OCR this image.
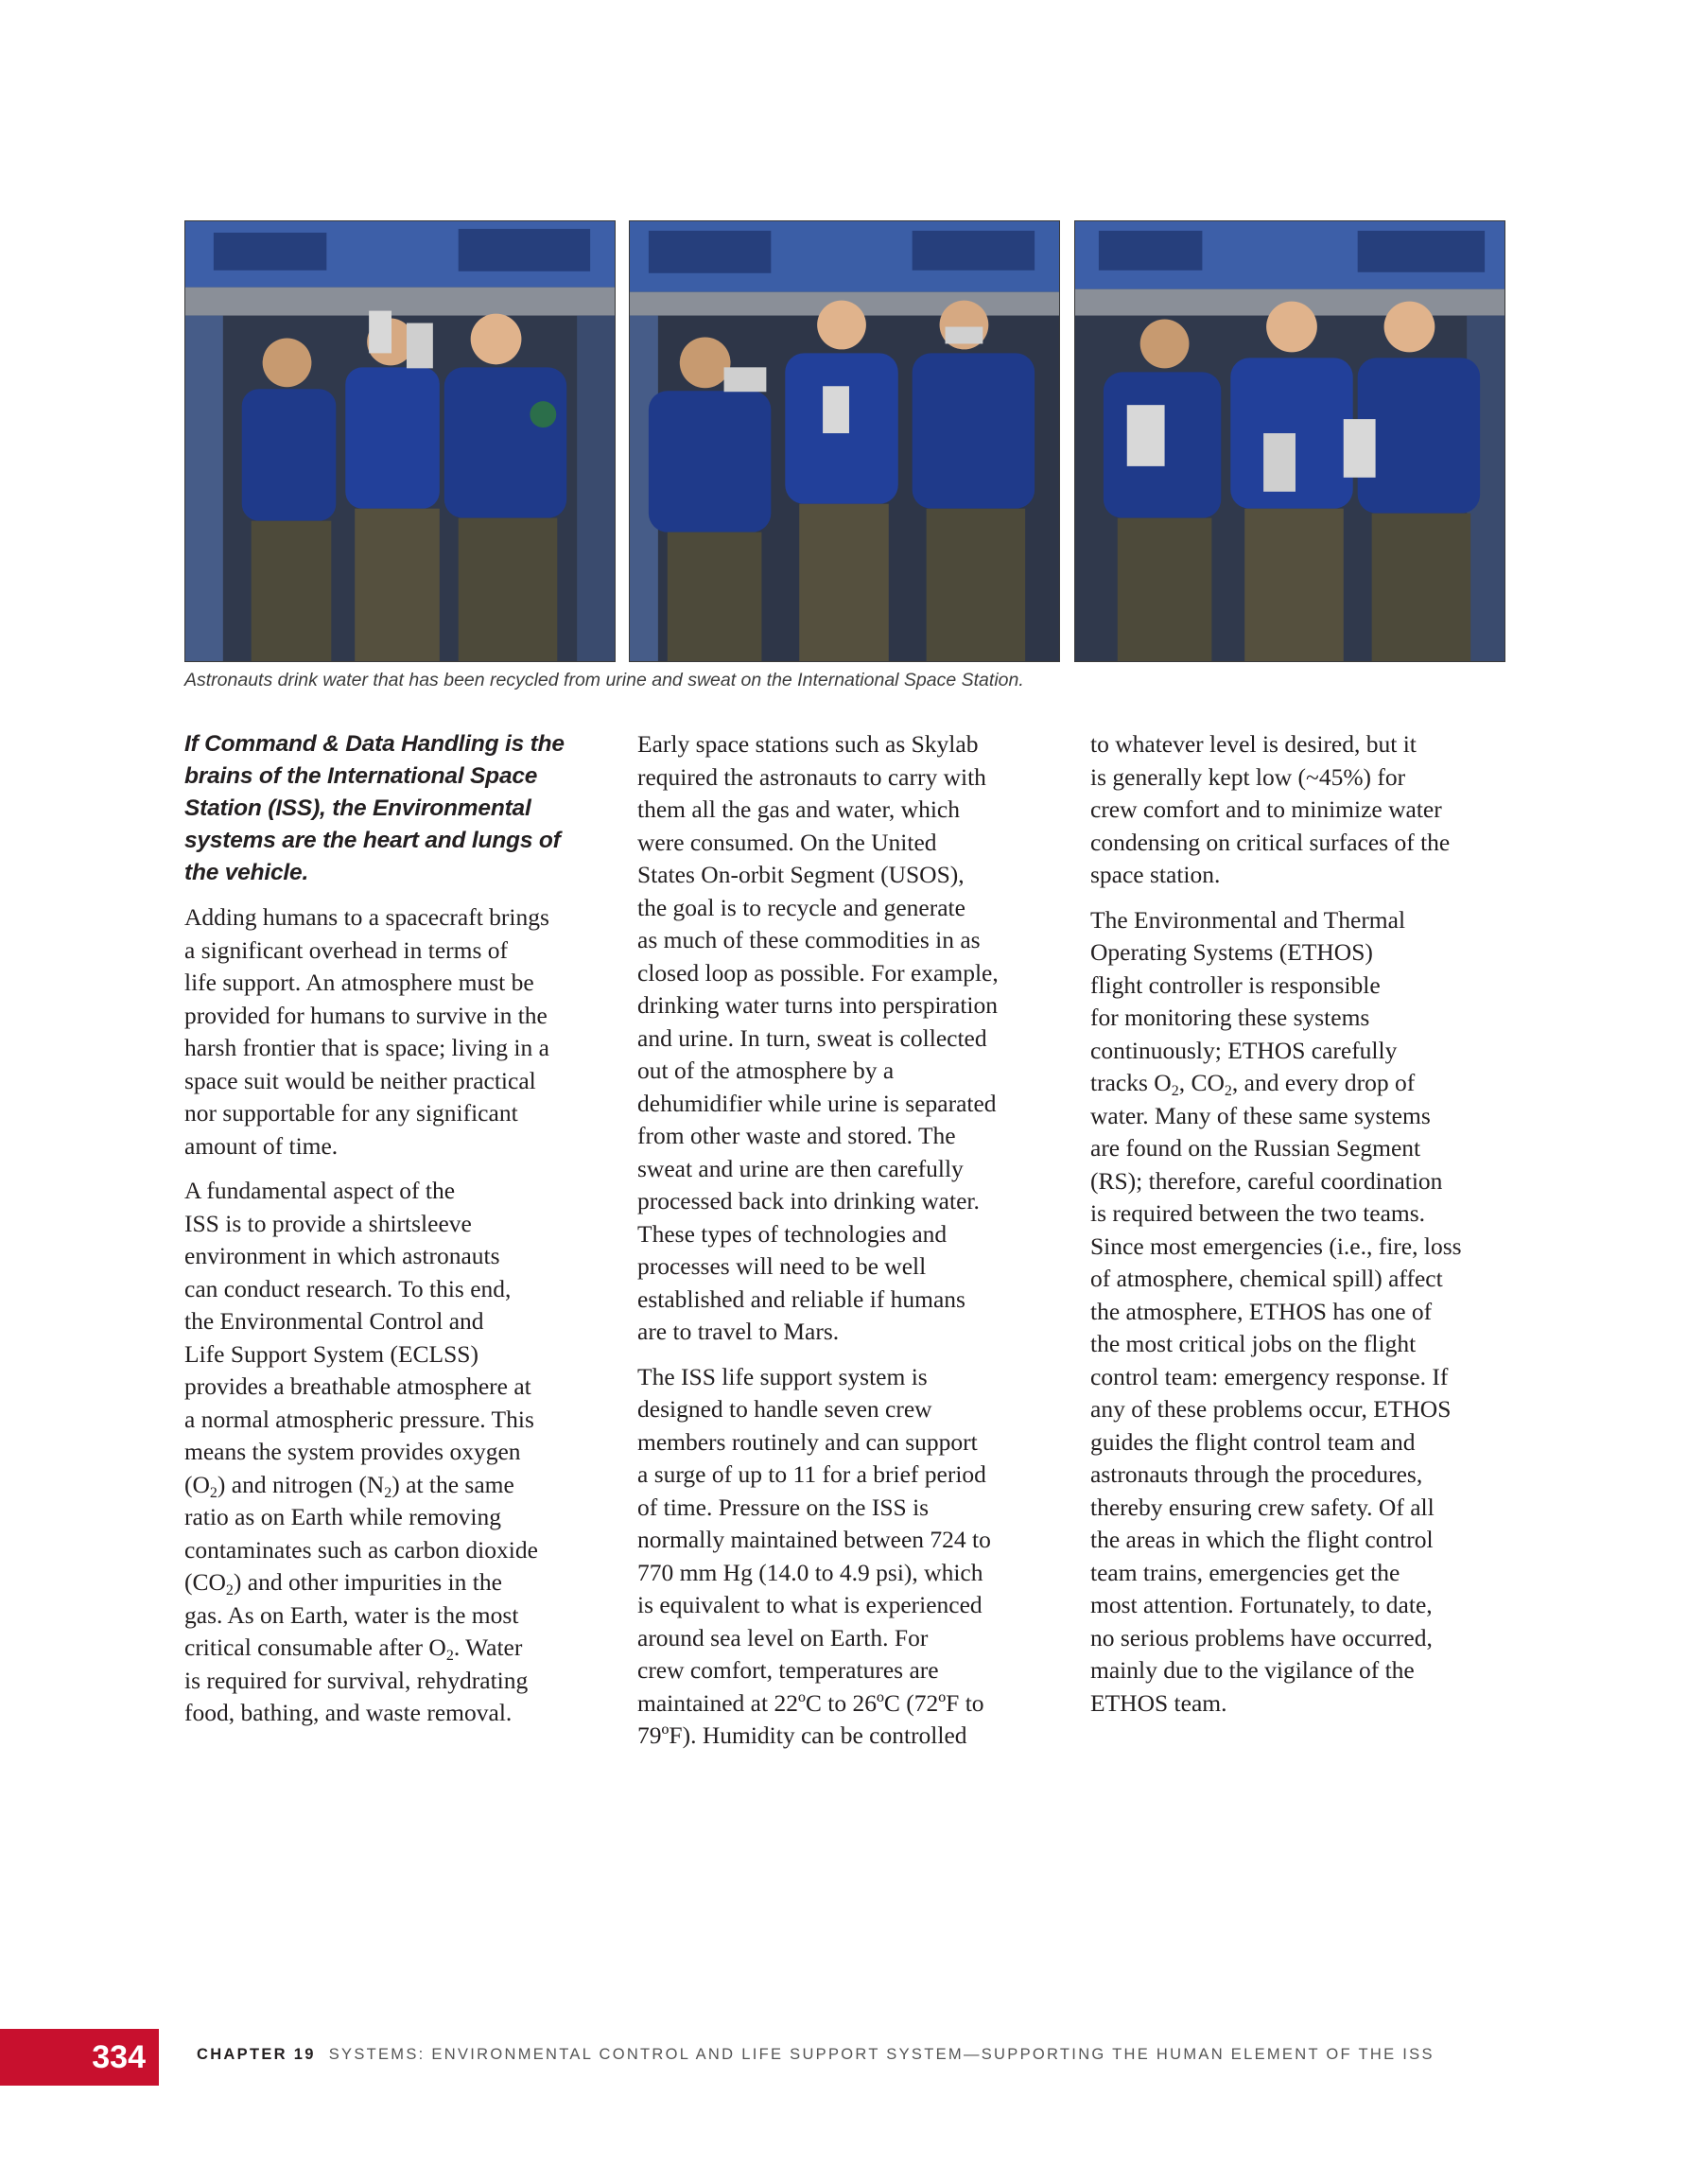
Astronauts drink water that has been recycled from urine and sweat on the International Space Station.

If Command & Data Handling is the
brains of the International Space
Station (ISS), the Environmental
systems are the heart and lungs of
the vehicle.

Adding humans to a spacecraft brings
a significant overhead in terms of
life support. An atmosphere must be
provided for humans to survive in the
harsh frontier that is space; living in a
space suit would be neither practical
nor supportable for any significant
amount of time.

A fundamental aspect of the
ISS is to provide a shirtsleeve
environment in which astronauts
can conduct research. To this end,
the Environmental Control and
Life Support System (ECLSS)
provides a breathable atmosphere at
a normal atmospheric pressure. This
means the system provides oxygen
$(O_2)$ and nitrogen $(N_2)$ at the same
ratio as on Earth while removing
contaminates such as carbon dioxide
$(CO_2)$ and other impurities in the
gas. As on Earth, water is the most
critical consumable after $O_2$. Water
is required for survival, rehydrating
food, bathing, and waste removal.

Early space stations such as Skylab
required the astronauts to carry with
them all the gas and water, which
were consumed. On the United
States On-orbit Segment (USOS),
the goal is to recycle and generate
as much of these commodities in as
closed loop as possible. For example,
drinking water turns into perspiration
and urine. In turn, sweat is collected
out of the atmosphere by a
dehumidifier while urine is separated
from other waste and stored. The
sweat and urine are then carefully
processed back into drinking water.
These types of technologies and
processes will need to be well
established and reliable if humans
are to travel to Mars.

The ISS life support system is
designed to handle seven crew
members routinely and can support
a surge of up to 11 for a brief period
of time. Pressure on the ISS is
normally maintained between 724 to
770 mm Hg (14.0 to 4.9 psi), which
is equivalent to what is experienced
around sea level on Earth. For
crew comfort, temperatures are
maintained at 22ºC to 26ºC (72ºF to
79ºF). Humidity can be controlled

to whatever level is desired, but it
is generally kept low (~45%) for
crew comfort and to minimize water
condensing on critical surfaces of the
space station.

The Environmental and Thermal
Operating Systems (ETHOS)
flight controller is responsible
for monitoring these systems
continuously; ETHOS carefully
tracks $O_2$, $CO_2$, and every drop of
water. Many of these same systems
are found on the Russian Segment
(RS); therefore, careful coordination
is required between the two teams.
Since most emergencies (i.e., fire, loss
of atmosphere, chemical spill) affect
the atmosphere, ETHOS has one of
the most critical jobs on the flight
control team: emergency response. If
any of these problems occur, ETHOS
guides the flight control team and
astronauts through the procedures,
thereby ensuring crew safety. Of all
the areas in which the flight control
team trains, emergencies get the
most attention. Fortunately, to date,
no serious problems have occurred,
mainly due to the vigilance of the
ETHOS team.

334	CHAPTER 19 SYSTEMS: ENVIRONMENTAL CONTROL AND LIFE SUPPORT SYSTEM—SUPPORTING THE HUMAN ELEMENT OF THE ISS
